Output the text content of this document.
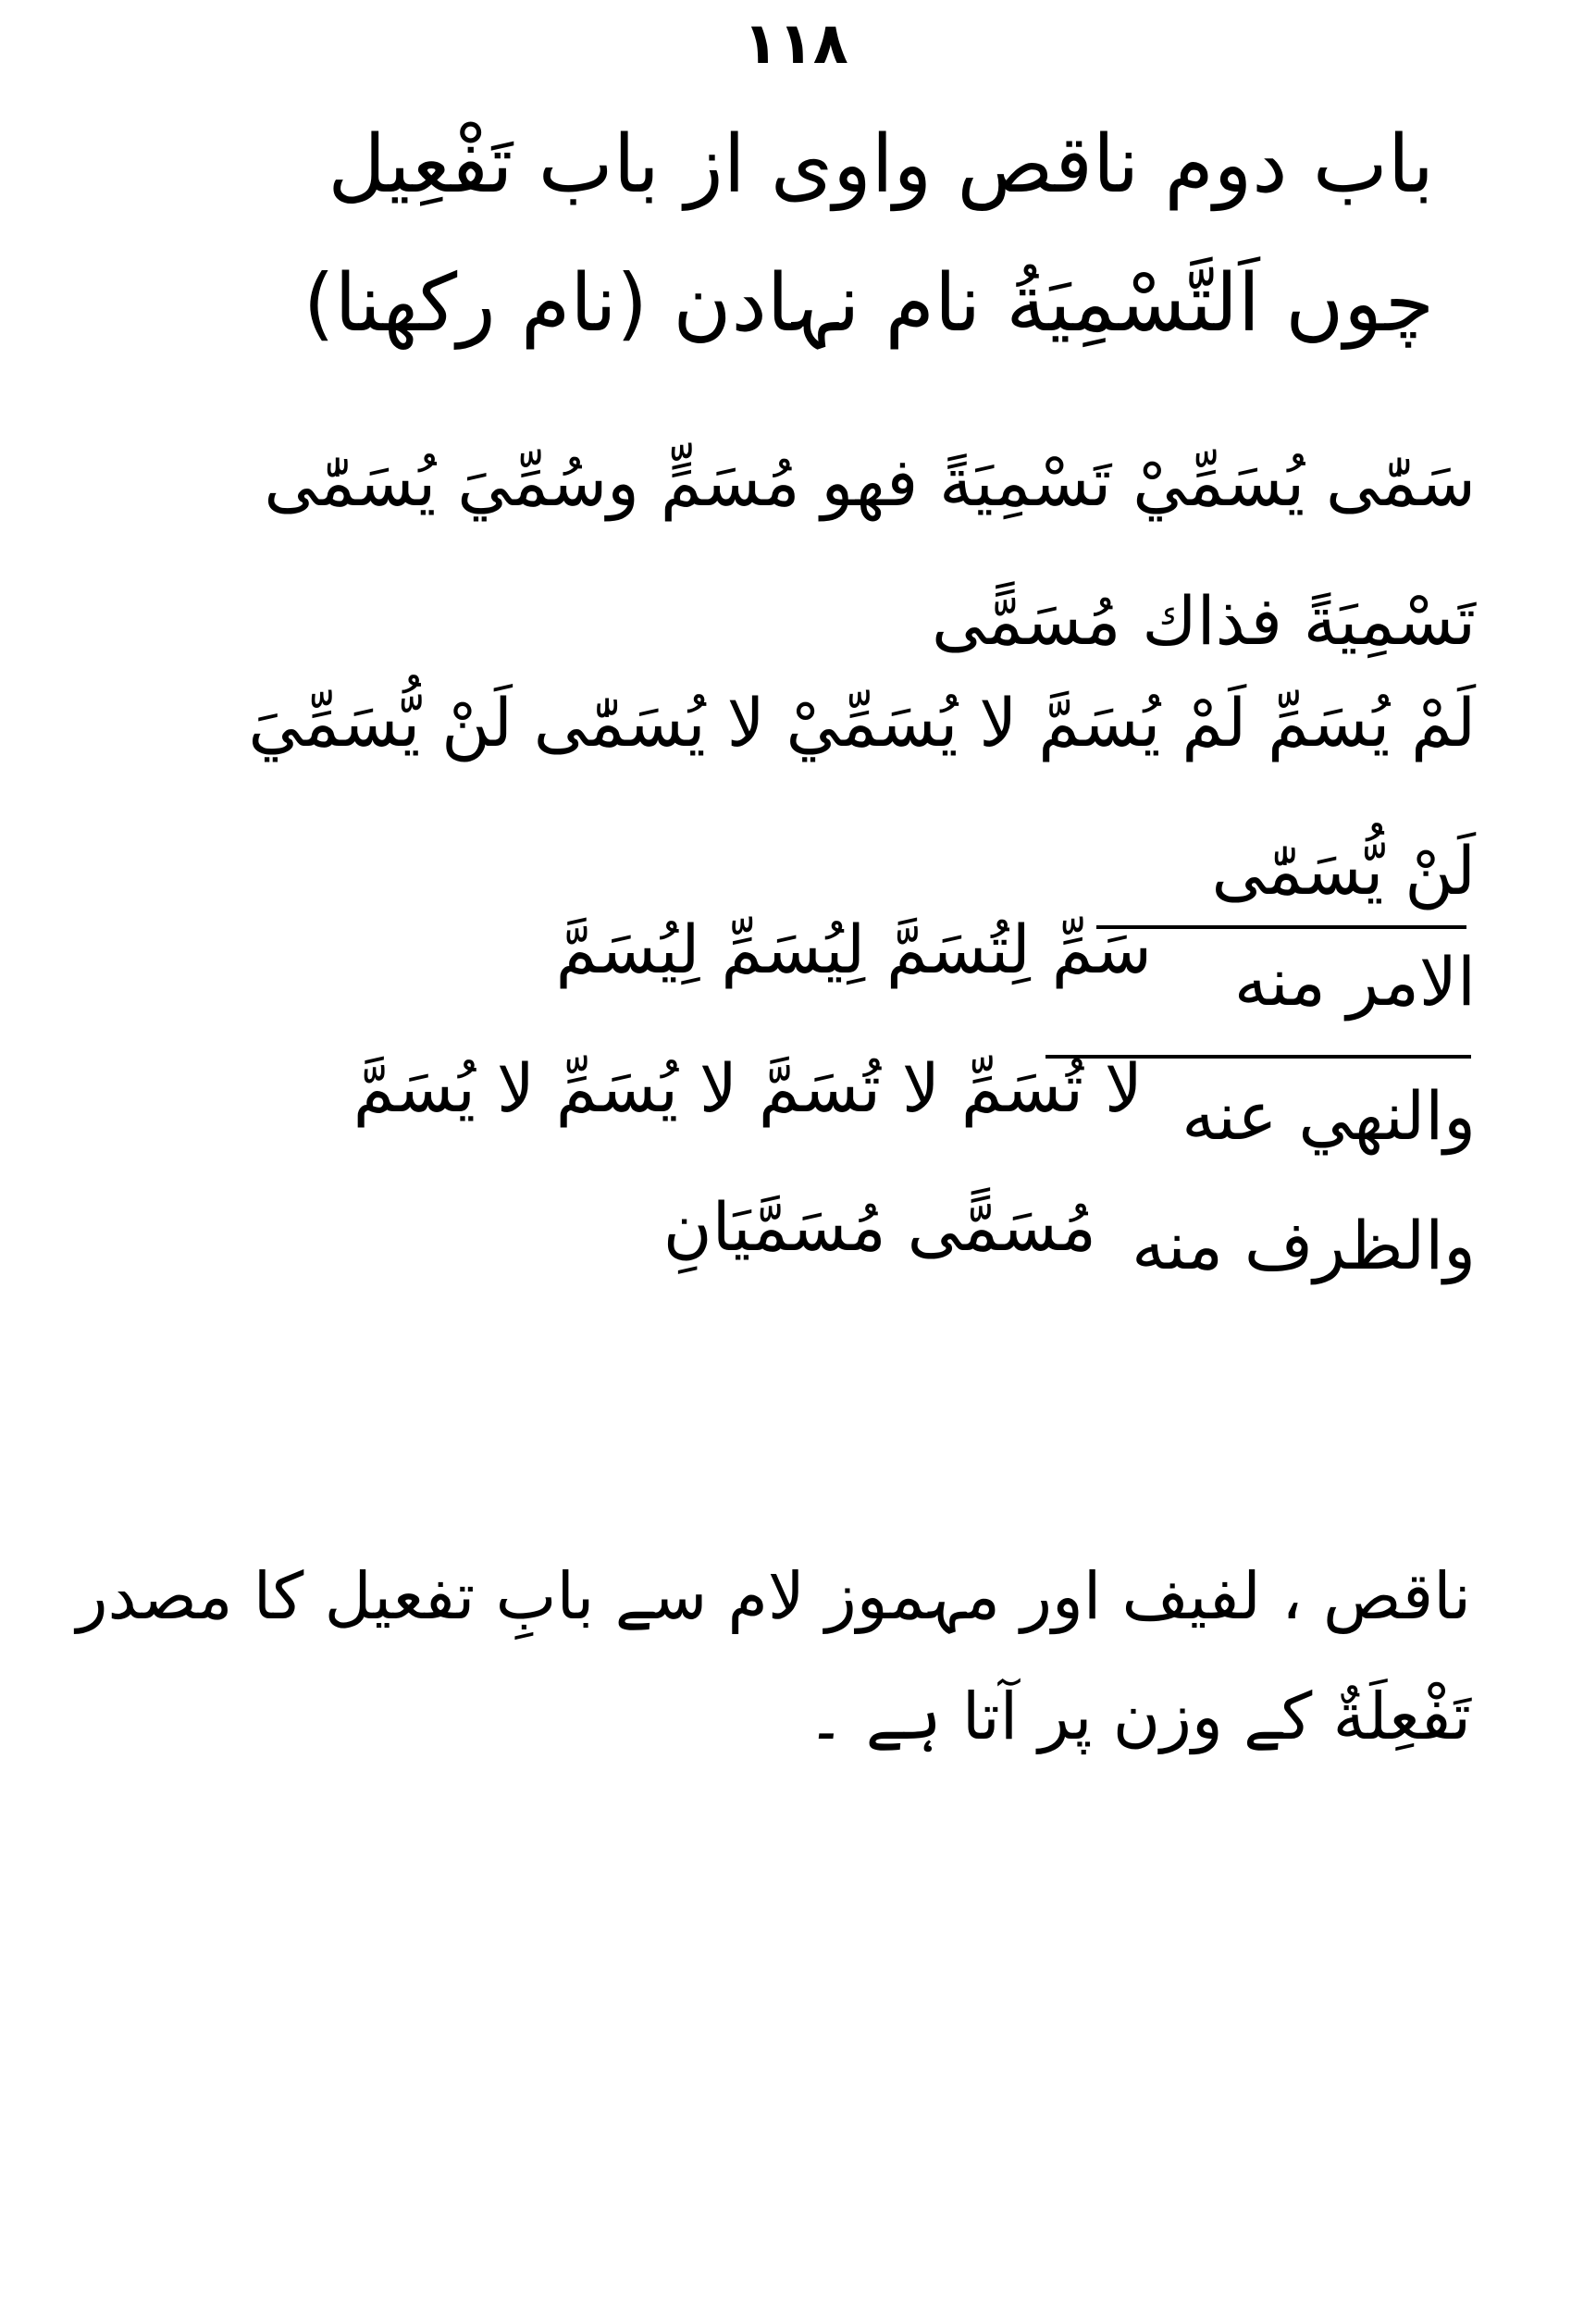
۱۱۸
باب دوم ناقص واوی از باب تَفْعِيل
چوں اَلتَّسْمِيَةُ نام نہادن (نام رکھنا)
سَمّٰى يُسَمِّيْ تَسْمِيَةً فهو مُسَمٍّ وسُمِّيَ يُسَمّٰى
تَسْمِيَةً فذاك مُسَمًّى
لَمْ يُسَمِّ لَمْ يُسَمَّ لا يُسَمِّيْ لا يُسَمّٰى لَنْ يُّسَمِّيَ
لَنْ يُّسَمّٰى
الامر منه
سَمِّ لِتُسَمَّ لِيُسَمِّ لِيُسَمَّ
والنهي عنه
لا تُسَمِّ لا تُسَمَّ لا يُسَمِّ لا يُسَمَّ
والظرف منه
مُسَمًّى مُسَمَّيَانِ
ناقص ، لفیف اور مہموز لام سے بابِ تفعیل کا مصدر
تَفْعِلَةٌ کے وزن پر آتا ہے ۔
